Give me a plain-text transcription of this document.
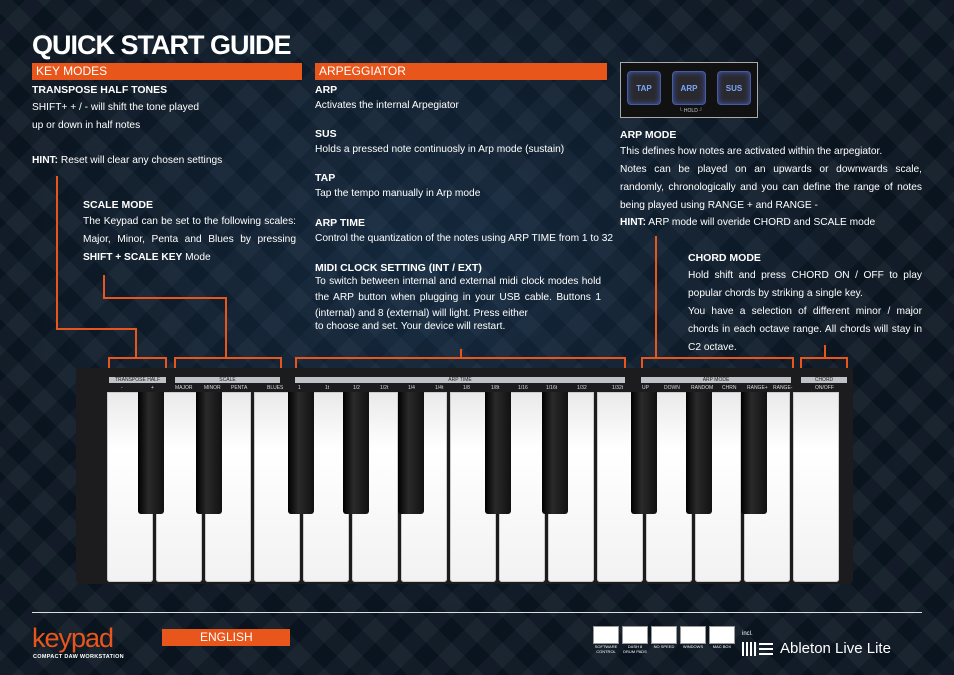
QUICK START GUIDE
KEY MODES
TRANSPOSE HALF TONES
SHIFT+ + / - will shift the tone played
up or down in half notes
HINT: Reset will clear any chosen settings
SCALE MODE
The Keypad can be set to the following scales: Major, Minor, Penta and Blues by pressing SHIFT + SCALE KEY Mode
ARPEGGIATOR
ARP
Activates the internal Arpegiator
SUS
Holds a pressed note continuosly in Arp mode (sustain)
TAP
Tap the tempo manually in Arp mode
ARP TIME
Control the quantization of the notes using ARP TIME from 1 to 32
MIDI CLOCK SETTING (INT / EXT)
To switch between internal and external midi clock modes hold the ARP button when plugging in your USB cable. Buttons 1 (internal) and 8 (external) will light. Press either
to choose and set. Your device will restart.
TAP	ARP	SUS
└ HOLD ┘
ARP MODE
This defines how notes are activated within the arpegiator.
Notes can be played on an upwards or downwards scale, randomly, chronologically and you can define the range of notes being played using RANGE + and RANGE -
HINT: ARP mode will overide CHORD and SCALE mode
CHORD MODE
Hold shift and press CHORD ON / OFF to play popular chords by striking a single key.
You have a selection of different minor / major chords in each octave range. All chords will stay in C2 octave.
TRANSPOSE HALF TONES
-	+
SCALE
MAJOR MINOR PENTA	BLUES
ARP TIME
1	1t	1/2	1/2t	1/4	1/4t	1/8	1/8t	1/16	1/16t	1/32	1/32t
ARP MODE
UP	DOWN RANDOM CHRN RANGE+ RANGE-
CHORD
ON/OFF
keypad
COMPACT DAW WORKSTATION
ENGLISH
SOFTWARE CONTROL
DASH 8 DRUM PADS
NO SPEED	WINDOWS	MAC BOX
incl.
Ableton Live Lite
